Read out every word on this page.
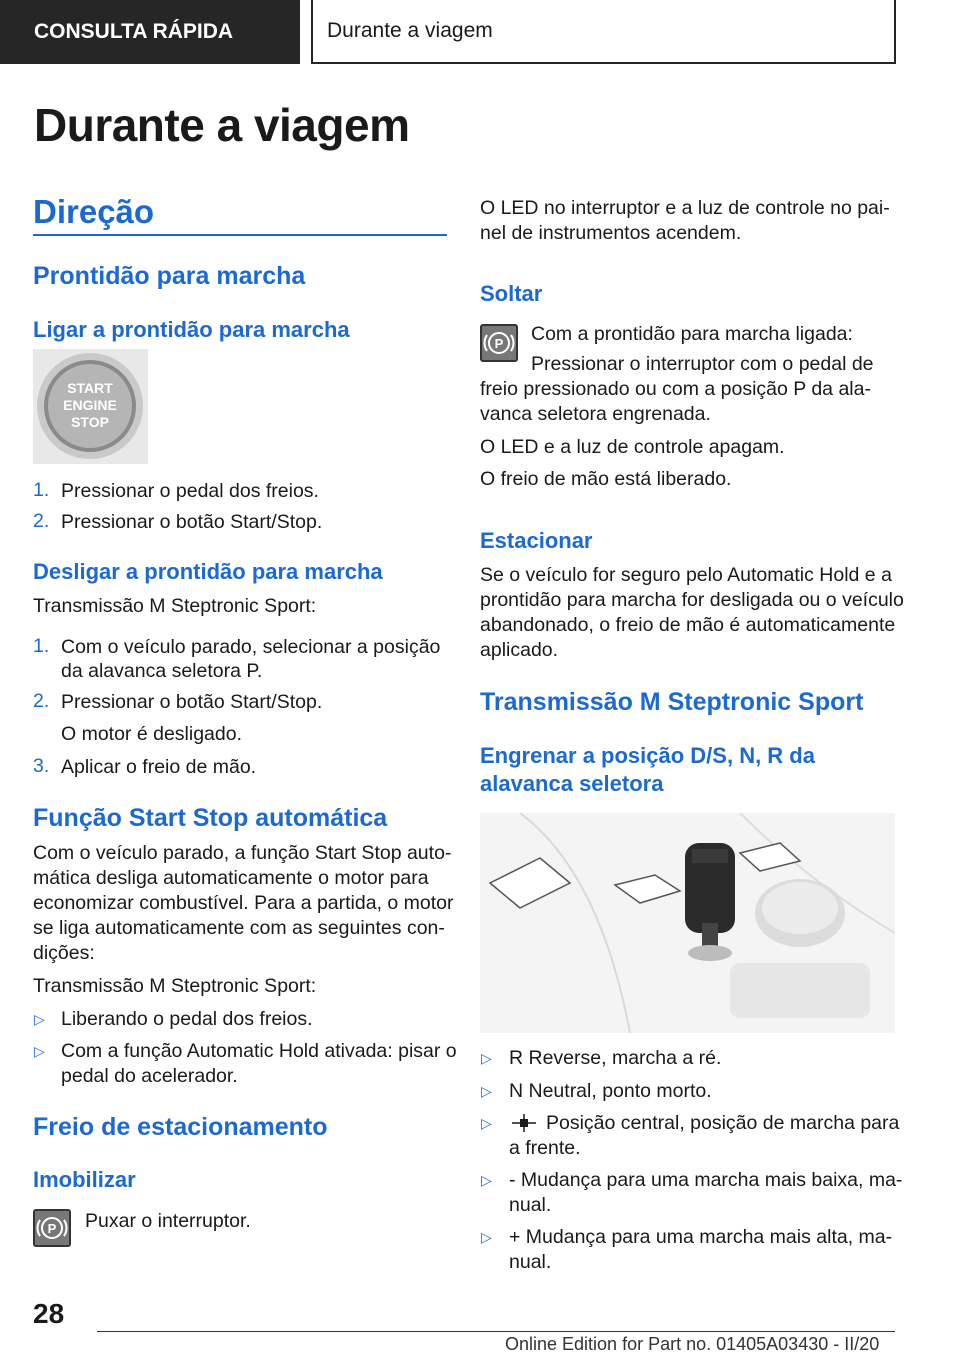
CONSULTA RÁPIDA	Durante a viagem
Durante a viagem
Direção
Prontidão para marcha
Ligar a prontidão para marcha
START
ENGINE
STOP
1. Pressionar o pedal dos freios.

2. Pressionar o botão Start/Stop.

Desligar a prontidão para marcha

Transmissão M Steptronic Sport:

1. Com o veículo parado, selecionar a posição

da alavanca seletora P.

2. Pressionar o botão Start/Stop.

O motor é desligado.

3. Aplicar o freio de mão.

Função Start Stop automática

Com o veículo parado, a função Start Stop auto-

mática desliga automaticamente o motor para

economizar combustível. Para a partida, o motor

se liga automaticamente com as seguintes con-

dições:

Transmissão M Steptronic Sport:

▷ Liberando o pedal dos freios.

▷ Com a função Automatic Hold ativada: pisar o

pedal do acelerador.

Freio de estacionamento
Imobilizar
P Puxar o interruptor.

O LED no interruptor e a luz de controle no pai-

nel de instrumentos acendem.

Soltar
P Com a prontidão para marcha ligada:

Pressionar o interruptor com o pedal de

freio pressionado ou com a posição P da ala-

vanca seletora engrenada.

O LED e a luz de controle apagam.

O freio de mão está liberado.

Estacionar

Se o veículo for seguro pelo Automatic Hold e a

prontidão para marcha for desligada ou o veículo

abandonado, o freio de mão é automaticamente

aplicado.

Transmissão M Steptronic Sport
Engrenar a posição D/S, N, R da
alavanca seletora
▷ R Reverse, marcha a ré.

▷ N Neutral, ponto morto.

▷	Posição central, posição de marcha para

a frente.

▷ - Mudança para uma marcha mais baixa, ma-

nual.

▷ + Mudança para uma marcha mais alta, ma-

nual.

28
Online Edition for Part no. 01405A03430 - II/20
